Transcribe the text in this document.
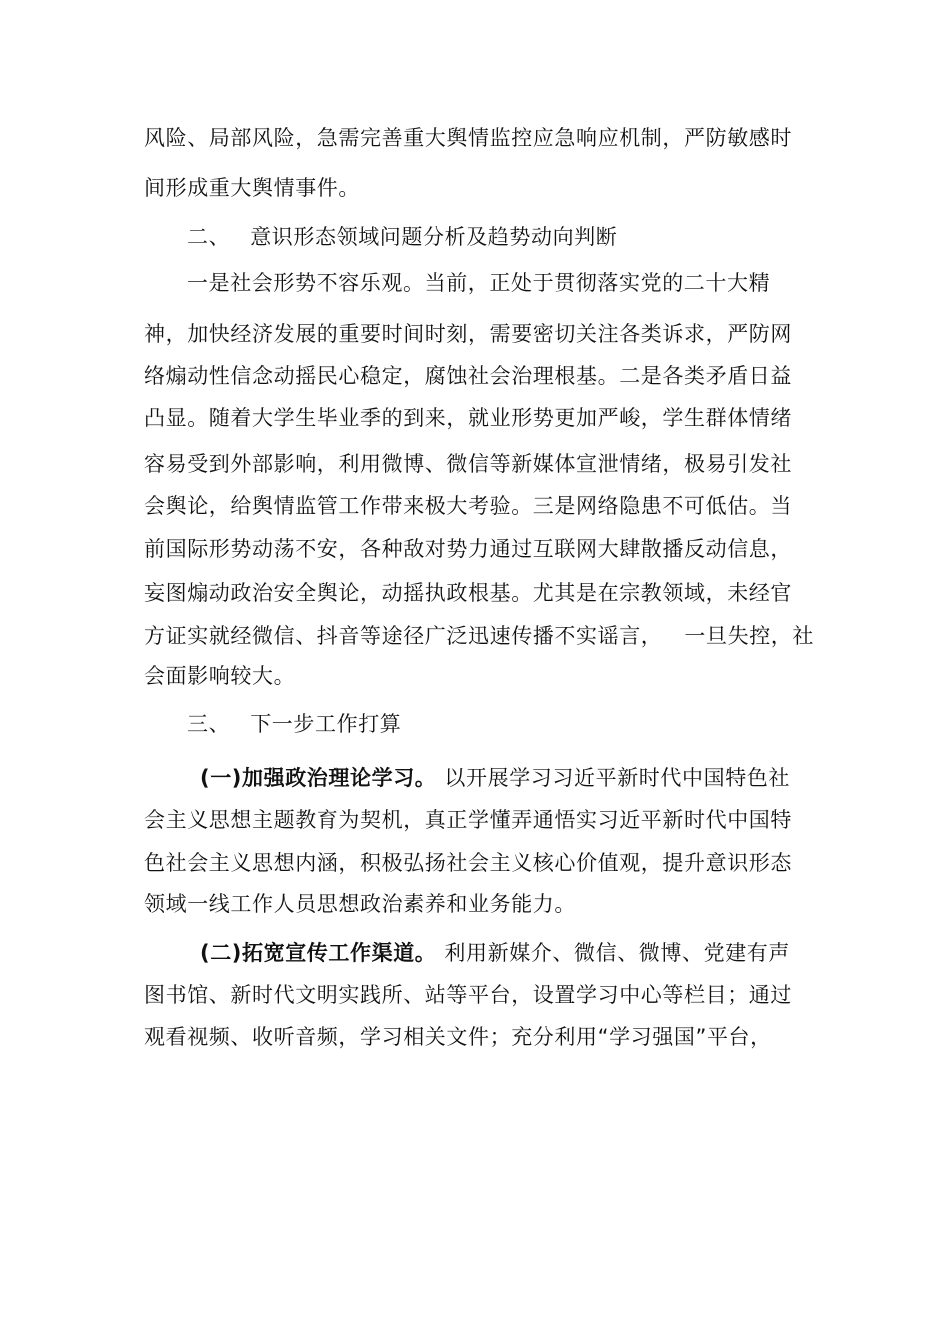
风险、局部风险，急需完善重大舆情监控应急响应机制，严防敏感时
间形成重大舆情事件。
二、 意识形态领域问题分析及趋势动向判断
一是社会形势不容乐观。当前，正处于贯彻落实党的二十大精
神，加快经济发展的重要时间时刻，需要密切关注各类诉求，严防网
络煽动性信念动摇民心稳定，腐蚀社会治理根基。二是各类矛盾日益
凸显。随着大学生毕业季的到来，就业形势更加严峻，学生群体情绪
容易受到外部影响，利用微博、微信等新媒体宣泄情绪，极易引发社
会舆论，给舆情监管工作带来极大考验。三是网络隐患不可低估。当
前国际形势动荡不安，各种敌对势力通过互联网大肆散播反动信息，
妄图煽动政治安全舆论，动摇执政根基。尤其是在宗教领域，未经官
方证实就经微信、抖音等途径广泛迅速传播不实谣言， 一旦失控，社
会面影响较大。
三、 下一步工作打算
(一)加强政治理论学习。 以开展学习习近平新时代中国特色社
会主义思想主题教育为契机，真正学懂弄通悟实习近平新时代中国特
色社会主义思想内涵，积极弘扬社会主义核心价值观，提升意识形态
领域一线工作人员思想政治素养和业务能力。
(二)拓宽宣传工作渠道。 利用新媒介、微信、微博、党建有声
图书馆、新时代文明实践所、站等平台，设置学习中心等栏目；通过
观看视频、收听音频，学习相关文件；充分利用“学习强国”平台，
